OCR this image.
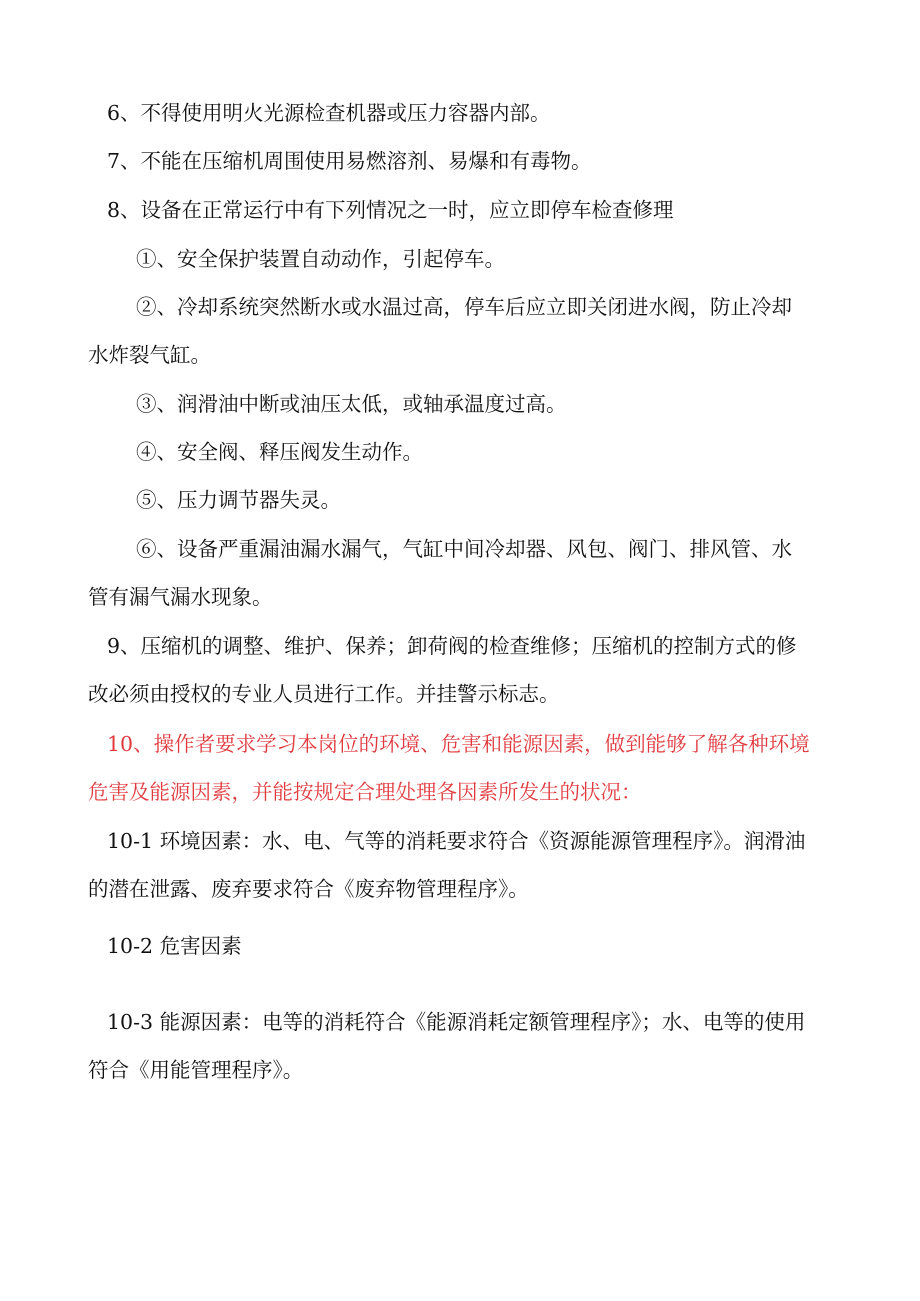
6、不得使用明火光源检查机器或压力容器内部。
7、不能在压缩机周围使用易燃溶剂、易爆和有毒物。
8、设备在正常运行中有下列情况之一时，应立即停车检查修理
①、安全保护装置自动动作，引起停车。
②、冷却系统突然断水或水温过高，停车后应立即关闭进水阀，防止冷却
水炸裂气缸。
③、润滑油中断或油压太低，或轴承温度过高。
④、安全阀、释压阀发生动作。
⑤、压力调节器失灵。
⑥、设备严重漏油漏水漏气，气缸中间冷却器、风包、阀门、排风管、水
管有漏气漏水现象。
9、压缩机的调整、维护、保养；卸荷阀的检查维修；压缩机的控制方式的修
改必须由授权的专业人员进行工作。并挂警示标志。
10、操作者要求学习本岗位的环境、危害和能源因素，做到能够了解各种环境
危害及能源因素，并能按规定合理处理各因素所发生的状况：
10-1 环境因素：水、电、气等的消耗要求符合《资源能源管理程序》。润滑油
的潜在泄露、废弃要求符合《废弃物管理程序》。
10-2 危害因素
10-3 能源因素：电等的消耗符合《能源消耗定额管理程序》；水、电等的使用
符合《用能管理程序》。
